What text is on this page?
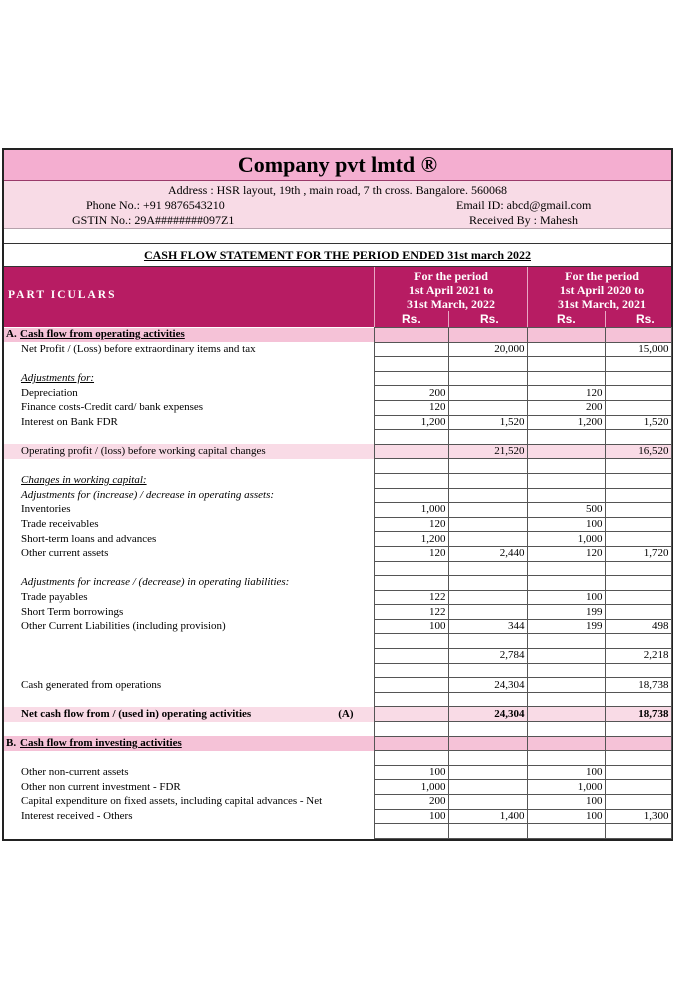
Company pvt lmtd ®
Address : HSR layout, 19th , main road, 7 th cross. Bangalore. 560068
Phone No.: +91 9876543210
GSTIN No.: 29A########097Z1
Email ID: abcd@gmail.com
Received By : Mahesh
CASH FLOW STATEMENT FOR THE PERIOD ENDED 31st march 2022
PART ICULARS
For the period
1st April 2021 to
31st March, 2022
For the period
1st April 2020 to
31st March, 2021
Rs.	Rs.	Rs.	Rs.
A. Cash flow from operating activities				
Net Profit / (Loss) before extraordinary items and tax		20,000		15,000

Adjustments for:				
Depreciation	200		120	
Finance costs-Credit card/ bank expenses	120		200	
Interest on Bank FDR	1,200	1,520	1,200	1,520

Operating profit / (loss) before working capital changes		21,520		16,520

Changes in working capital:				
Adjustments for (increase) / decrease in operating assets:				
Inventories	1,000		500	
Trade receivables	120		100	
Short-term loans and advances	1,200		1,000	
Other current assets	120	2,440	120	1,720

Adjustments for increase / (decrease) in operating liabilities:				
Trade payables	122		100	
Short Term borrowings	122		199	
Other Current Liabilities (including provision)	100	344	199	498

		2,784		2,218

Cash generated from operations		24,304		18,738

Net cash flow from / (used in) operating activities (A)		24,304		18,738

B. Cash flow from investing activities				

Other non-current assets	100		100	
Other non current investment - FDR	1,000		1,000	
Capital expenditure on fixed assets, including capital advances - Net	200		100	
Interest received - Others	100	1,400	100	1,300
